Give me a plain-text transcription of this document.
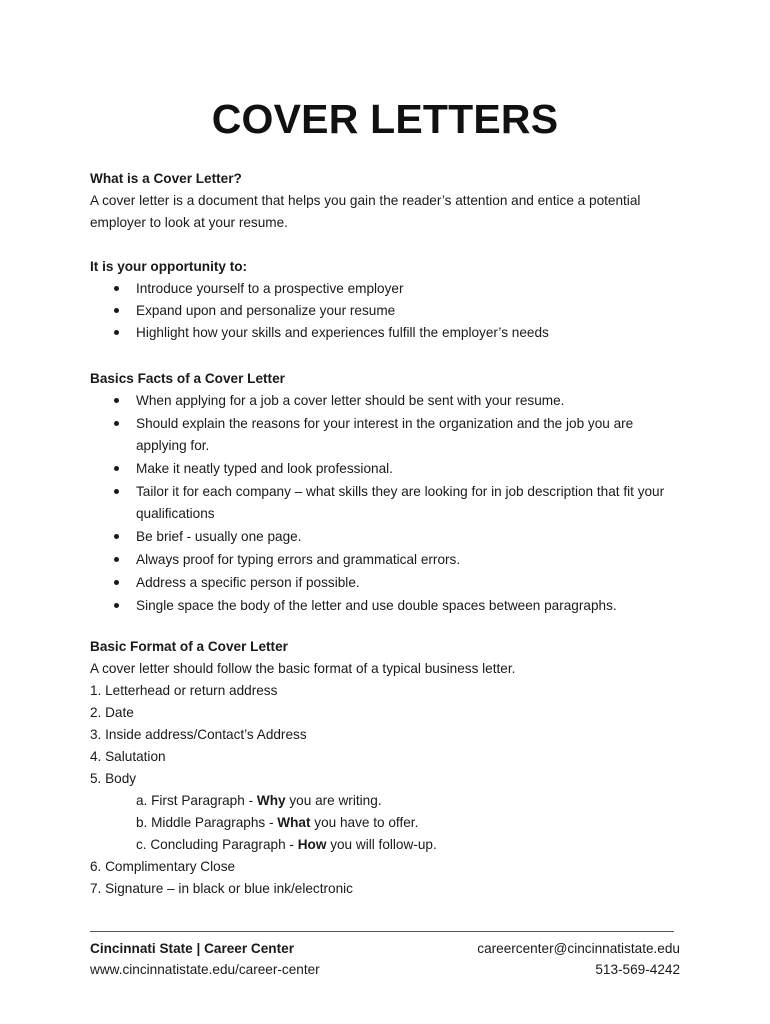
COVER LETTERS
What is a Cover Letter?

A cover letter is a document that helps you gain the reader’s attention and entice a potential employer to look at your resume.

It is your opportunity to:
Introduce yourself to a prospective employer
Expand upon and personalize your resume
Highlight how your skills and experiences fulfill the employer’s needs
Basics Facts of a Cover Letter
When applying for a job a cover letter should be sent with your resume.
Should explain the reasons for your interest in the organization and the job you are applying for.
Make it neatly typed and look professional.
Tailor it for each company – what skills they are looking for in job description that fit your qualifications
Be brief - usually one page.
Always proof for typing errors and grammatical errors.
Address a specific person if possible.
Single space the body of the letter and use double spaces between paragraphs.
Basic Format of a Cover Letter

A cover letter should follow the basic format of a typical business letter.

1. Letterhead or return address
2. Date
3. Inside address/Contact’s Address
4. Salutation
5. Body
a. First Paragraph - Why you are writing.
b. Middle Paragraphs - What you have to offer.
c. Concluding Paragraph - How you will follow-up.
6. Complimentary Close
7. Signature – in black or blue ink/electronic
Cincinnati State | Career Center	careercenter@cincinnatistate.edu
www.cincinnatistate.edu/career-center	513-569-4242
